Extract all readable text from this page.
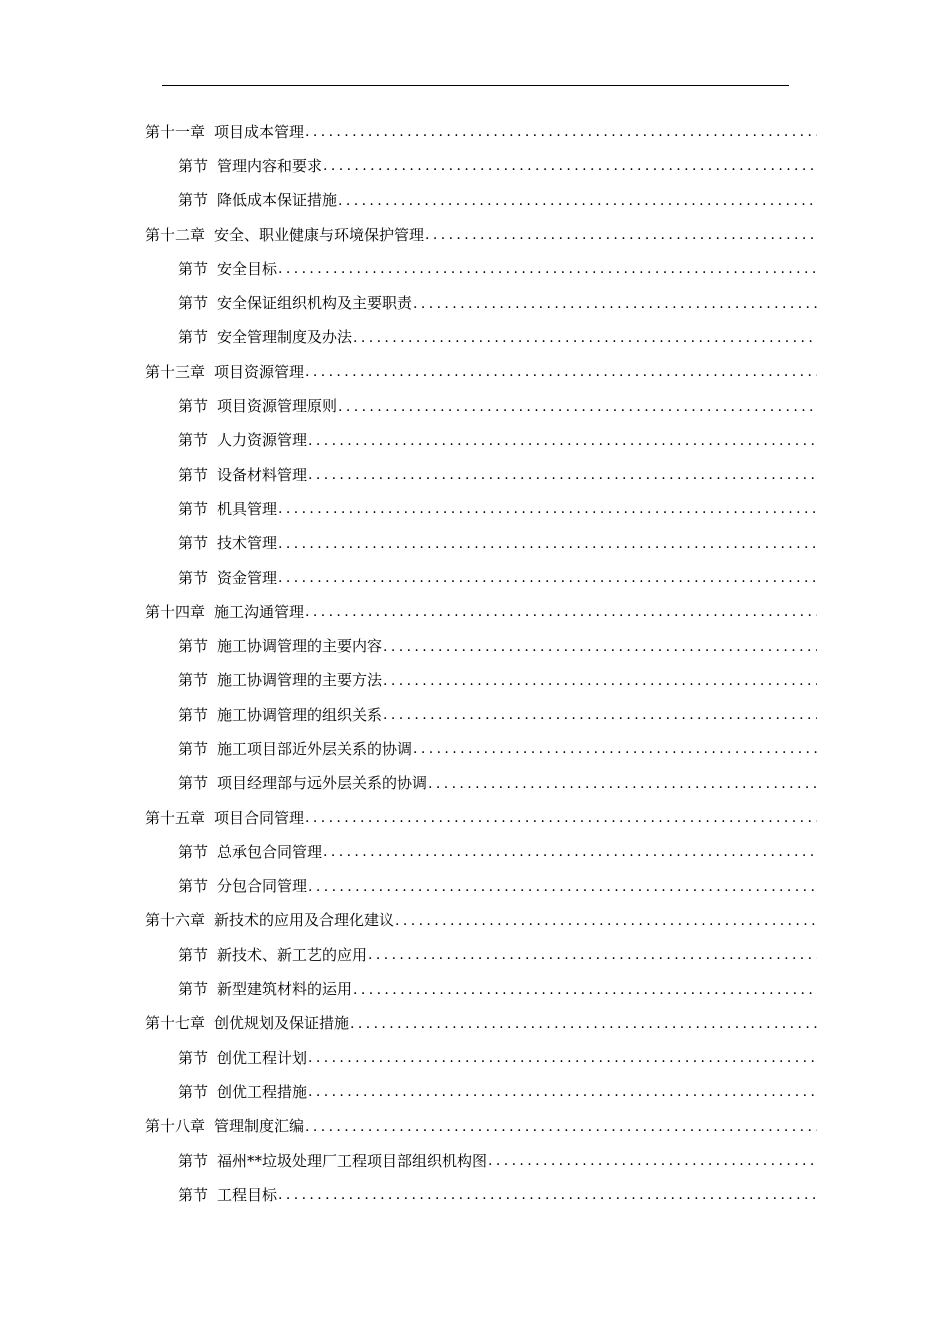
第十一章 项目成本管理
.....
第节 管理内容和要求
.....
第节 降低成本保证措施
.....
第十二章 安全、职业健康与环境保护管理
.....
第节 安全目标
.....
第节 安全保证组织机构及主要职责
.....
第节 安全管理制度及办法
.....
第十三章 项目资源管理
.....
第节 项目资源管理原则
.....
第节 人力资源管理
.....
第节 设备材料管理
.....
第节 机具管理
.....
第节 技术管理
.....
第节 资金管理
.....
第十四章 施工沟通管理
.....
第节 施工协调管理的主要内容
.....
第节 施工协调管理的主要方法
.....
第节 施工协调管理的组织关系
.....
第节 施工项目部近外层关系的协调
.....
第节 项目经理部与远外层关系的协调
.....
第十五章 项目合同管理
.....
第节 总承包合同管理
.....
第节 分包合同管理
.....
第十六章 新技术的应用及合理化建议
.....
第节 新技术、新工艺的应用
.....
第节 新型建筑材料的运用
.....
第十七章 创优规划及保证措施
.....
第节 创优工程计划
.....
第节 创优工程措施
.....
第十八章 管理制度汇编
.....
第节 福州**垃圾处理厂工程项目部组织机构图
.....
第节 工程目标
.....
